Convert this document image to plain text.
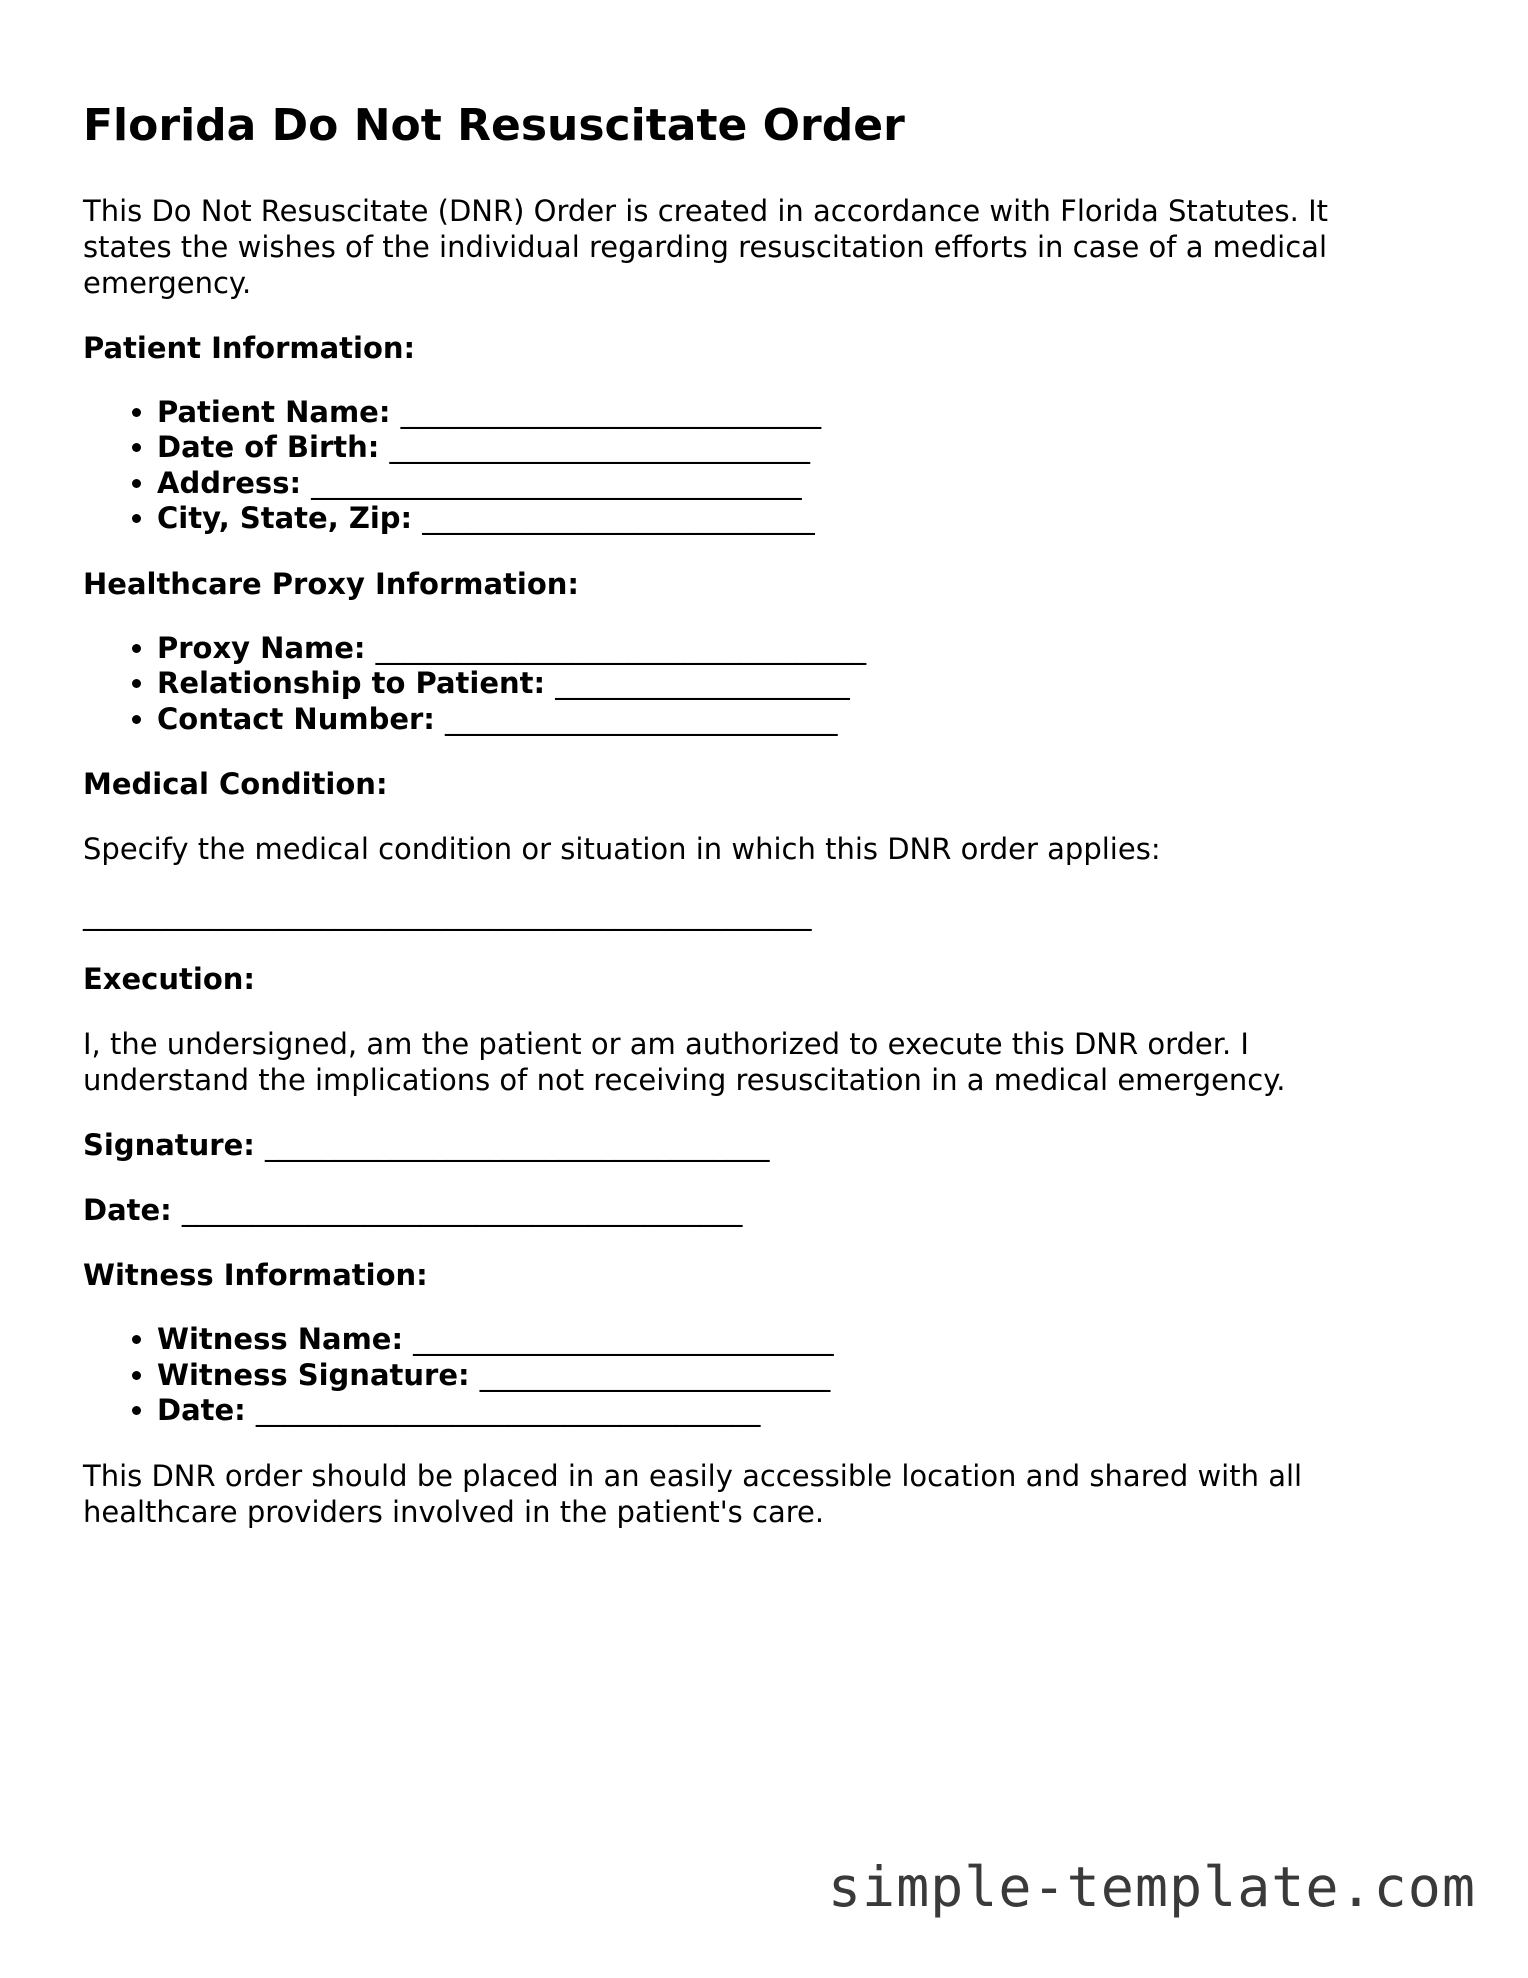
Florida Do Not Resuscitate Order

This Do Not Resuscitate (DNR) Order is created in accordance with Florida Statutes. It states the wishes of the individual regarding resuscitation efforts in case of a medical emergency.

Patient Information:

• Patient Name: ______________________________
• Date of Birth: ______________________________
• Address: ___________________________________
• City, State, Zip: ____________________________

Healthcare Proxy Information:

• Proxy Name: ___________________________________
• Relationship to Patient: _____________________
• Contact Number: ____________________________

Medical Condition:

Specify the medical condition or situation in which this DNR order applies:

____________________________________________________

Execution:

I, the undersigned, am the patient or am authorized to execute this DNR order. I understand the implications of not receiving resuscitation in a medical emergency.

Signature: ____________________________________

Date: ________________________________________

Witness Information:

• Witness Name: ______________________________
• Witness Signature: _________________________
• Date: ____________________________________

This DNR order should be placed in an easily accessible location and shared with all healthcare providers involved in the patient's care.

simple-template.com
